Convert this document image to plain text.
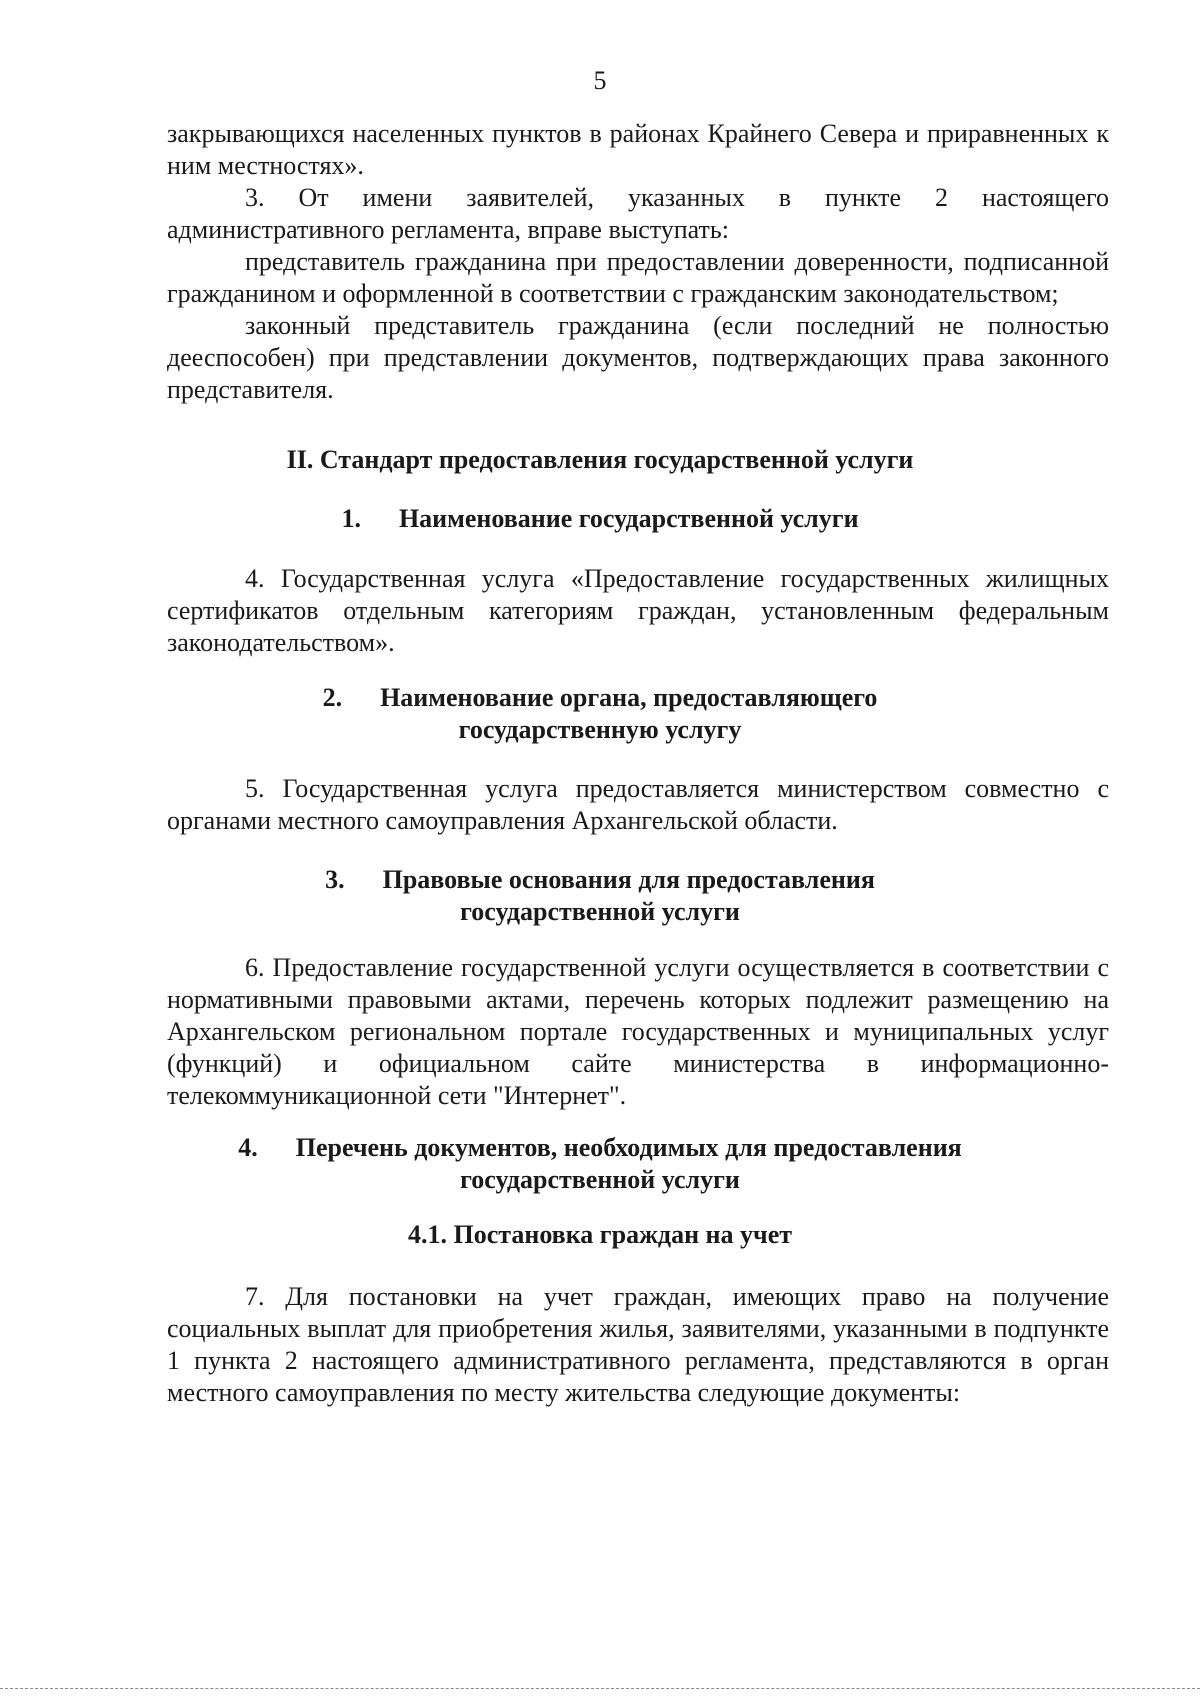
5

закрывающихся населенных пунктов в районах Крайнего Севера и приравненных к ним местностях».

3. От имени заявителей, указанных в пункте 2 настоящего административного регламента, вправе выступать:

представитель гражданина при предоставлении доверенности, подписанной гражданином и оформленной в соответствии с гражданским законодательством;

законный представитель гражданина (если последний не полностью дееспособен) при представлении документов, подтверждающих права законного представителя.

II. Стандарт предоставления государственной услуги
1. Наименование государственной услуги

4. Государственная услуга «Предоставление государственных жилищных сертификатов отдельным категориям граждан, установленным федеральным законодательством».

2. Наименование органа, предоставляющего
государственную услугу

5. Государственная услуга предоставляется министерством совместно с органами местного самоуправления Архангельской области.

3. Правовые основания для предоставления
государственной услуги

6. Предоставление государственной услуги осуществляется в соответствии с нормативными правовыми актами, перечень которых подлежит размещению на Архангельском региональном портале государственных и муниципальных услуг (функций) и официальном сайте министерства в информационно-телекоммуникационной сети "Интернет".

4. Перечень документов, необходимых для предоставления
государственной услуги
4.1. Постановка граждан на учет

7. Для постановки на учет граждан, имеющих право на получение социальных выплат для приобретения жилья, заявителями, указанными в подпункте 1 пункта 2 настоящего административного регламента, представляются в орган местного самоуправления по месту жительства следующие документы:
